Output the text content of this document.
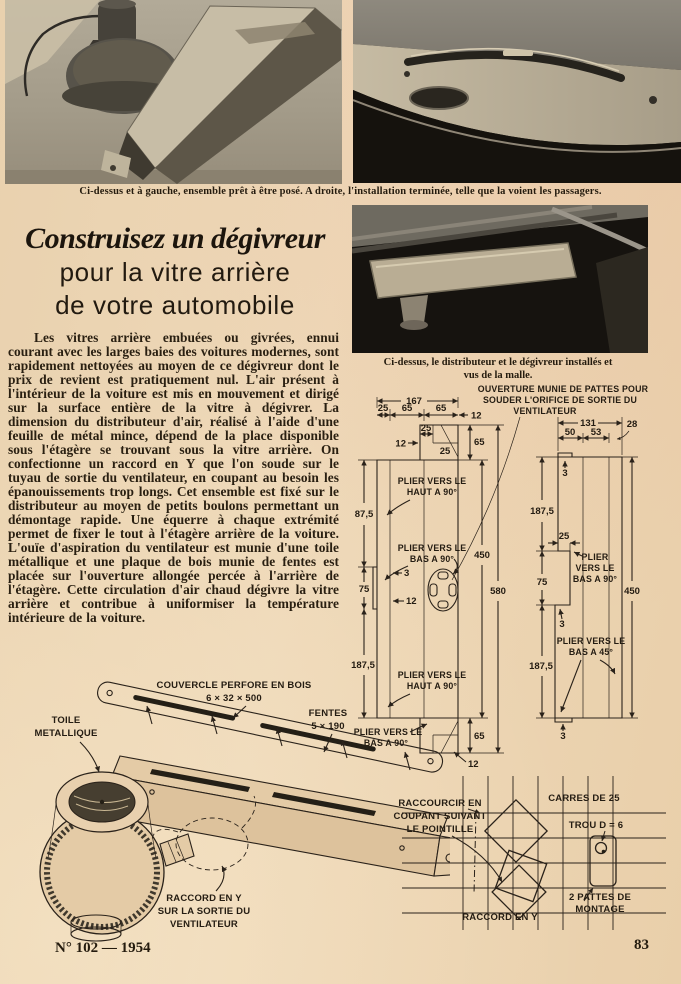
Ci-dessus et à gauche, ensemble prêt à être posé. A droite, l'installation terminée, telle que la voient les passagers.
Construisez un dégivreur
pour la vitre arrière
de votre automobile
Ci-dessus, le distributeur et le dégivreur installés et
vus de la malle.
Les vitres arrière embuées ou givrées, ennui courant avec les larges baies des voitures modernes, sont rapidement nettoyées au moyen de ce dégivreur dont le prix de revient est pratiquement nul. L'air présent à l'intérieur de la voiture est mis en mouvement et dirigé sur la surface entière de la vitre à dégivrer. La dimension du distributeur d'air, réalisé à l'aide d'une feuille de métal mince, dépend de la place disponible sous l'étagère se trouvant sous la vitre arrière. On confectionne un raccord en Y que l'on soude sur le tuyau de sortie du ventilateur, en coupant au besoin les épanouissements trop longs. Cet ensemble est fixé sur le distributeur au moyen de petits boulons permettant un démontage rapide. Une équerre à chaque extrémité permet de fixer le tout à l'étagère arrière de la voiture. L'ouïe d'aspiration du ventilateur est munie d'une toile métallique et une plaque de bois munie de fentes est placée sur l'ouverture allongée percée à l'arrière de l'étagère. Cette circulation d'air chaud dégivre la vitre arrière et contribue à uniformiser la température intérieure de la voiture.
OUVERTURE MUNIE DE PATTES POUR
SOUDER L'ORIFICE DE SORTIE DU
VENTILATEUR
167
25 65 65
12
12
25
25
65
87,5
3
75
12
450
580
187,5
65
12
PLIER VERS LE
HAUT A 90°
PLIER VERS LE
BAS A 90°
PLIER VERS LE
HAUT A 90°
PLIER VERS LE
BAS A 90°
131
50 53
28
3
187,5
25
75
3
187,5
450
3
PLIER
VERS LE
BAS A 90°
PLIER VERS LE
BAS A 45°
COUVERCLE PERFORE EN BOIS
6 × 32 × 500
FENTES
5 × 190
TOILE
METALLIQUE
RACCORD EN Y
SUR LA SORTIE DU
VENTILATEUR
RACCOURCIR EN
COUPANT SUIVANT
LE POINTILLE
CARRES DE 25
TROU D = 6
2 PATTES DE
MONTAGE
RACCORD EN Y
N° 102 — 1954	83
